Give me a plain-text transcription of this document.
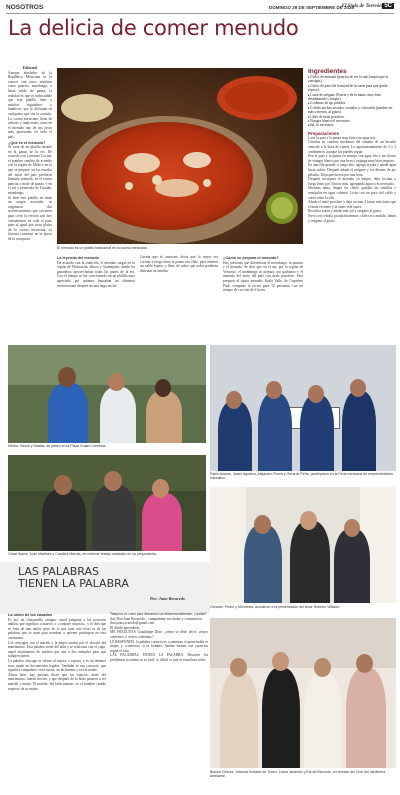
NOSOTROS	DOMINGO 29 DE SEPTIEMBRE DE 2024
El Siglo de Torreón 5C
La delicia de comer menudo
Editorial

Aunque alrededor de la República Mexicana se le conoce con otros nombres como pancita, mondongo, o hasta caldo de panza, la realidad es que es indiscutible que este platillo tiene a muchos seguidores y fanáticos, que lo disfrutan en cualquiera que sea la ocasión. La cocina mexicana, llena de sabores y tradiciones, tiene en el menudo una de sus joyas más apreciadas en todo el país.

¿Qué es el menudo?

Se trata de un platillo basado en la panza de la res. De acuerdo con Larousse Cocina, el nombre cambia de acuerdo con la región de México en la que se prepare: en los estados del norte del país prefieren llamarlo menudo, en el centro pancita o mole de panza, y en el sur y península de Yucatán, mondongo.

Si bien este platillo no tiene un origen asociado, se originaron dos acontecimientos que sirvieron para crear la versión que hoy consumimos en todo el país, pues al igual que otros platos de la cocina mexicana, su historia comenzó en la época de la conquista.

El menudo es un platillo tradicional en la cocina mexicana.
Ingredientes
▸ 5 kilos de menudo (pancita de res lo más limpia que la consigas).
▸ 2 kilos de pata (de la mitad de la carne para que quede espeso).
▸ 1 taza de orégano (Fuerte y de la mano, muy bien deshidratado y limpio).
▸ 2 cabezas de ajo pelados.
▸ 5 chiles anchos secados, tostados y colorados (pueden ser más o menos, al gusto).
▸ 1 kilo de maíz pozolero.
▸ Vinagre blanco el necesario.
▸ Sal, lo necesario.
Preparaciones

Lava la pata y la panza muy bien con agua fría.

Córtalas en cuadros medianos del tamaño de un bocado cómodo a la hora de comer. Lo aproximadamente de 3 x 3 centímetros, aunque los puedes seguir.

Pon la pata y la panza en remojo con agua fría y un chorro de vinagre blanco por una hora y enjuaga muy bien después.

En una olla grande, a fuego alto, agrega la pata y añade agua hasta cubrir. Después añade el orégano y los dientes de ajo pelados. Deja que hierva por una hora.

Después incorpora el menudo ya limpio, deja cocinar a fuego lento por 3 horas más, agregando agua si es necesario.

Mientras tanto, limpia los chiles, quítales las semillas y remójalos en agua caliente. Licúa con un poco del caldo y cuela sobre la olla.

Añade el maíz pozolero y deja cocinar 2 horas más hasta que el maíz reviente y la carne esté suave.

Rectifica sazón y añade más sal y orégano al gusto.

Sirve con cebolla picada finamente, chile seco molido, limón y orégano al gusto.

La leyenda del menudo

De acuerdo con la tradición, el menudo surgió en la región de Michoacán, Jalisco y Guanajuato, donde los ganaderos aprovechaban todas las partes de la res. Con el tiempo se fue convirtiendo en un platillo muy apreciado por quienes buscaban un alimento reconfortante después de una larga noche.

Cuenta que el carnicero decía que lo mejor era cocinar a fuego lento la panza con chile, para obtener un caldo espeso y lleno de sabor que todos pudieran disfrutar en familia.

¿Cómo se prepara el menudo?

Hay personas que diferencian el mondongo, la pancita y el menudo. Se dice que en el sur, por la región de Veracruz, el mondongo se prepara con garbanzo y el menudo del norte del país con maíz pozolero. Para preparar el típico menudo, Karla Valle, de Coqueteo Pink, comparte la receta para 10 personas, con un tiempo de cocción de 6 horas.

Héctor, Nicole y Natalia, de paseo en la Plaza Cuatro Caminos.
Pablo Arenas, Javier Aguilera, Alejandro Flores y Gerardo Peña, participaron en la Feria mexicana de emprendimiento educativo.
César Ibarra, Juan Martínez y Carolina Macías, en reciente festejo realizado en su preparatoria.
Gerardo, Pedro y Mercedes, acudieron a la presentación del tenor Roberto Villazón.
LAS PALABRAS
TIENEN LA PALABRA
Por: Juan Recaredo
La unión de los casados

Es así, un chascarrillo antiguo: usted pregunta a las personas adultas qué significa «casarse» o «contraer nupcias», y le dirá que se trata de una unión, pero de lo que trata este texto es de las palabras que se usan para nombrar a quienes participan en esta ceremonia.

Los cónyuges son el marido y la mujer unidos por el vínculo del matrimonio. Esta palabra viene del latín y se relaciona con el yugo, aquel instrumento de madera que une a dos animales para que trabajen juntos.

La palabra cónyuge se refiere al esposo o esposa, y es un término muy usado en documentos legales. También se usa consorte, que significa compañero en la suerte, en las buenas y en las malas.

Ahora bien, hay quienes dicen que los esposos, antes del matrimonio, fueron novios, y que después de la boda pasaron a ser marido y mujer. El marido, del latín maritus, es el hombre casado respecto de su mujer.

Tampoco es como para abusarnos tan desmesuradamente, ¿verdad?

Soy Don Juan Recaredo... compártame sus dudas y comentarios.

don.juan.recaredo@gmail.com

El dónde aprenderás

ME PREGUNTA Guadalupe Díaz: ¿cómo se debe decir: «estoy contento» o «estoy contenta»?

LE RESPONDO: la palabra correcta es «contenta» si quien habla es mujer, y «contento» si es hombre. Ambas formas son correctas según el caso.

LAS PALABRAS TIENEN LA PALABRA. Resolver los problemas económicos es fácil: lo difícil es que se resuelvan solos.

Blanca Chávez, Yolanda Hurtado de Torres, Laura Jaramillo y Ela de Elizondo, en reunión del Club del Jardinería Artesanal.
